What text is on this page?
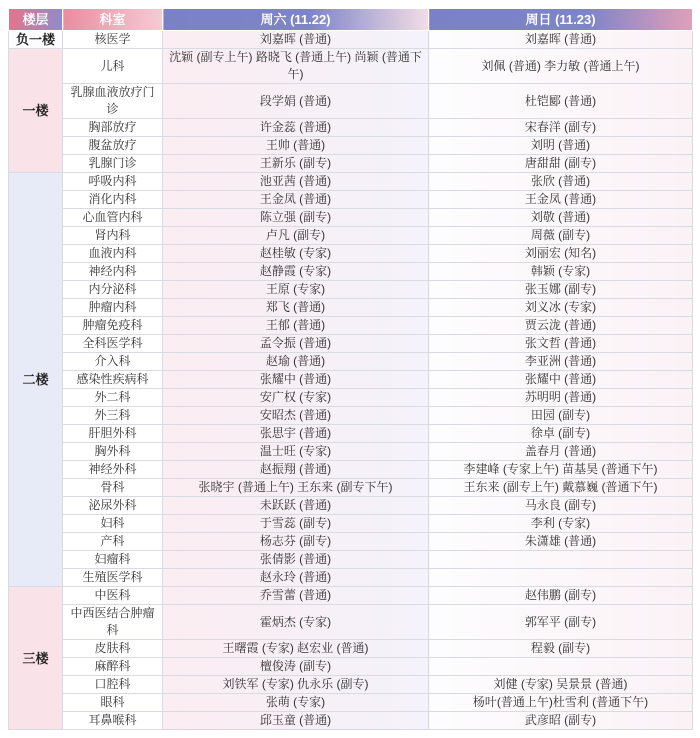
楼层	科室	周六 (11.22)	周日 (11.23)
负一楼	核医学	刘嘉晖 (普通)	刘嘉晖 (普通)
一楼	儿科	沈颖 (副专上午) 路晓飞 (普通上午) 尚颖 (普通下午)	刘佩 (普通) 李力敏 (普通上午)
	乳腺血液放疗门诊	段学娟 (普通)	杜铠郾 (普通)
	胸部放疗	许金蕊 (普通)	宋春洋 (副专)
	腹盆放疗	王帅 (普通)	刘明 (普通)
	乳腺门诊	王新乐 (副专)	唐甜甜 (副专)
二楼	呼吸内科	池亚茜 (普通)	张欣 (普通)
	消化内科	王金凤 (普通)	王金凤 (普通)
	心血管内科	陈立强 (副专)	刘敬 (普通)
	肾内科	卢凡 (副专)	周薇 (副专)
	血液内科	赵桂敏 (专家)	刘丽宏 (知名)
	神经内科	赵静霞 (专家)	韩颖 (专家)
	内分泌科	王原 (专家)	张玉娜 (副专)
	肿瘤内科	郑飞 (普通)	刘义冰 (专家)
	肿瘤免疫科	王郁 (普通)	贾云泷 (普通)
	全科医学科	孟令振 (普通)	张文哲 (普通)
	介入科	赵瑜 (普通)	李亚洲 (普通)
	感染性疾病科	张耀中 (普通)	张耀中 (普通)
	外二科	安广权 (专家)	苏明明 (普通)
	外三科	安昭杰 (普通)	田园 (副专)
	肝胆外科	张思宇 (普通)	徐卓 (副专)
	胸外科	温士旺 (专家)	盖春月 (普通)
	神经外科	赵振翔 (普通)	李建峰 (专家上午) 苗基昊 (普通下午)
	骨科	张晓宇 (普通上午) 王东来 (副专下午)	王东来 (副专上午) 戴慕巍 (普通下午)
	泌尿外科	未跃跃 (普通)	马永良 (副专)
	妇科	于雪蕊 (副专)	李利 (专家)
	产科	杨志芬 (副专)	朱潇雄 (普通)
	妇瘤科	张倩影 (普通)	
	生殖医学科	赵永玲 (普通)	
三楼	中医科	乔雪蕾 (普通)	赵伟鹏 (副专)
	中西医结合肿瘤科	霍炳杰 (专家)	郭军平 (副专)
	皮肤科	王曙霞 (专家) 赵宏业 (普通)	程毅 (副专)
	麻醉科	檀俊涛 (副专)	
	口腔科	刘铁军 (专家) 仇永乐 (副专)	刘健 (专家) 吴景景 (普通)
	眼科	张萌 (专家)	杨叶(普通上午)杜雪利 (普通下午)
	耳鼻喉科	邱玉童 (普通)	武彦昭 (副专)
